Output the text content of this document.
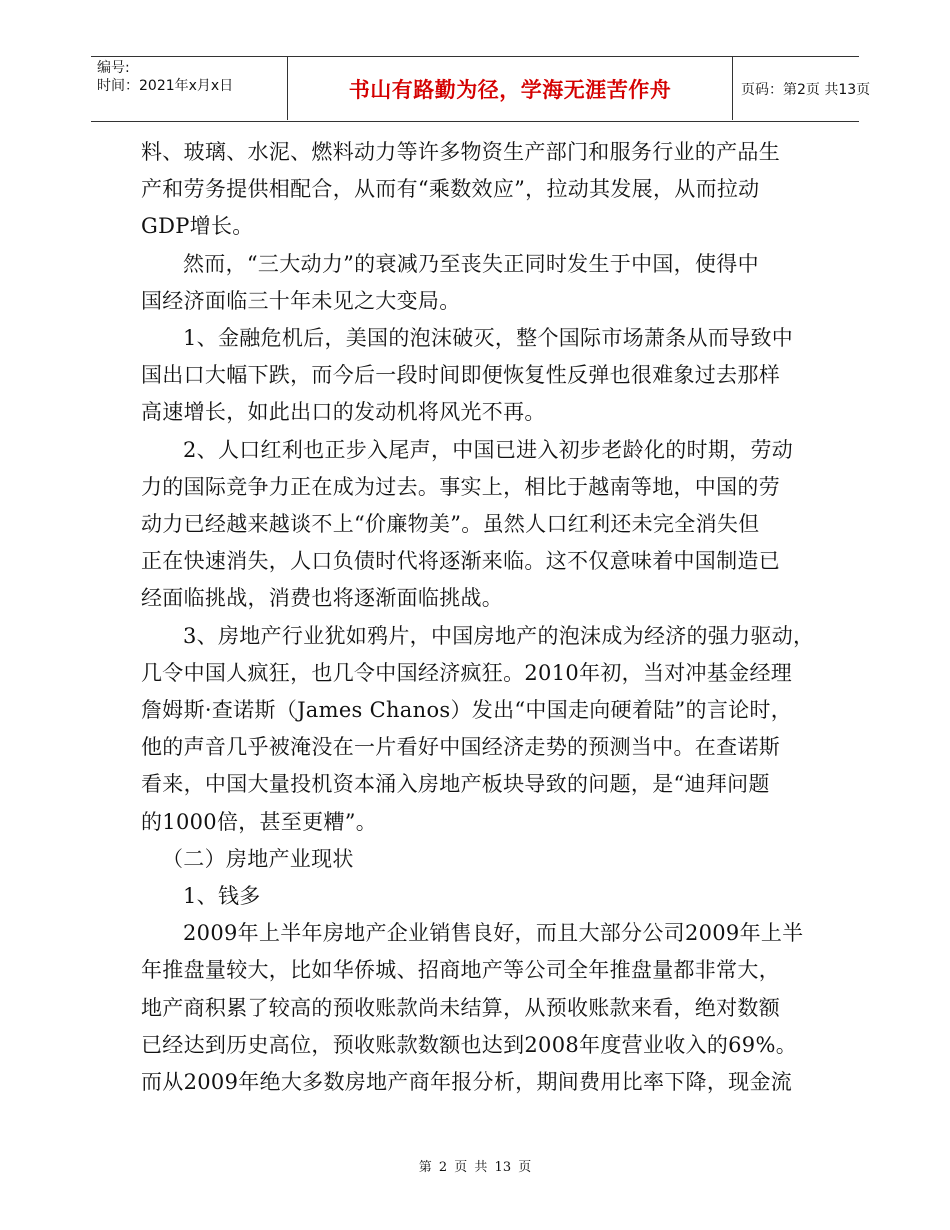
编号:
时间：2021年x月x日	书山有路勤为径，学海无涯苦作舟	页码：第2页 共13页

料、玻璃、水泥、燃料动力等许多物资生产部门和服务行业的产品生
产和劳务提供相配合，从而有“乘数效应”，拉动其发展，从而拉动
GDP增长。

然而，“三大动力”的衰减乃至丧失正同时发生于中国，使得中
国经济面临三十年未见之大变局。

1、金融危机后，美国的泡沫破灭，整个国际市场萧条从而导致中
国出口大幅下跌，而今后一段时间即便恢复性反弹也很难象过去那样
高速增长，如此出口的发动机将风光不再。

2、人口红利也正步入尾声，中国已进入初步老龄化的时期，劳动
力的国际竞争力正在成为过去。事实上，相比于越南等地，中国的劳
动力已经越来越谈不上“价廉物美”。虽然人口红利还未完全消失但
正在快速消失，人口负债时代将逐渐来临。这不仅意味着中国制造已
经面临挑战，消费也将逐渐面临挑战。

3、房地产行业犹如鸦片，中国房地产的泡沫成为经济的强力驱动，
几令中国人疯狂，也几令中国经济疯狂。2010年初，当对冲基金经理
詹姆斯·查诺斯（James Chanos）发出“中国走向硬着陆”的言论时，
他的声音几乎被淹没在一片看好中国经济走势的预测当中。在查诺斯
看来，中国大量投机资本涌入房地产板块导致的问题，是“迪拜问题
的1000倍，甚至更糟”。

（二）房地产业现状

1、钱多

2009年上半年房地产企业销售良好，而且大部分公司2009年上半
年推盘量较大，比如华侨城、招商地产等公司全年推盘量都非常大，
地产商积累了较高的预收账款尚未结算，从预收账款来看，绝对数额
已经达到历史高位，预收账款数额也达到2008年度营业收入的69%。
而从2009年绝大多数房地产商年报分析，期间费用比率下降，现金流

第 2 页 共 13 页
